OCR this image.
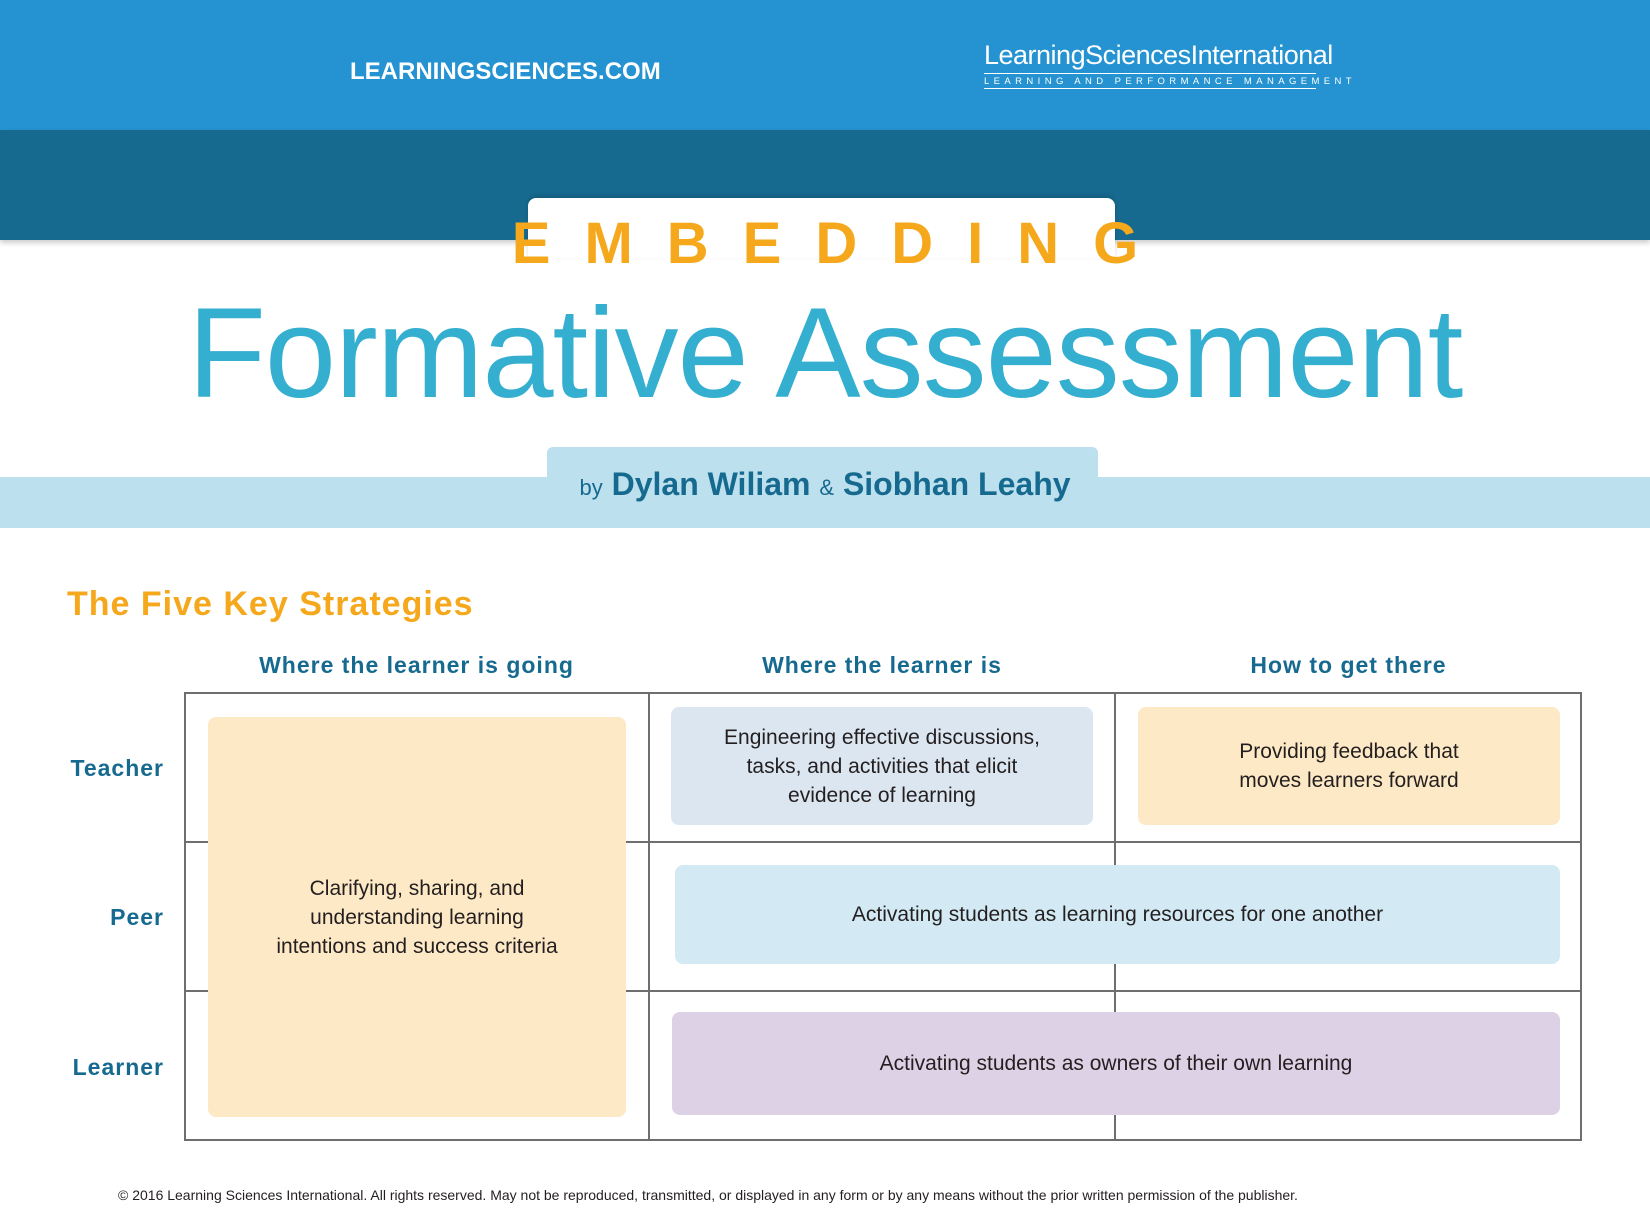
LEARNINGSCIENCES.COM
LearningSciencesInternational
LEARNING AND PERFORMANCE MANAGEMENT
EMBEDDING
Formative Assessment
by Dylan Wiliam & Siobhan Leahy
The Five Key Strategies
Where the learner is going	Where the learner is	How to get there
Teacher
Peer
Learner
Clarifying, sharing, and understanding learning intentions and success criteria
Engineering effective discussions, tasks, and activities that elicit evidence of learning
Providing feedback that moves learners forward
Activating students as learning resources for one another
Activating students as owners of their own learning
© 2016 Learning Sciences International. All rights reserved. May not be reproduced, transmitted, or displayed in any form or by any means without the prior written permission of the publisher.
